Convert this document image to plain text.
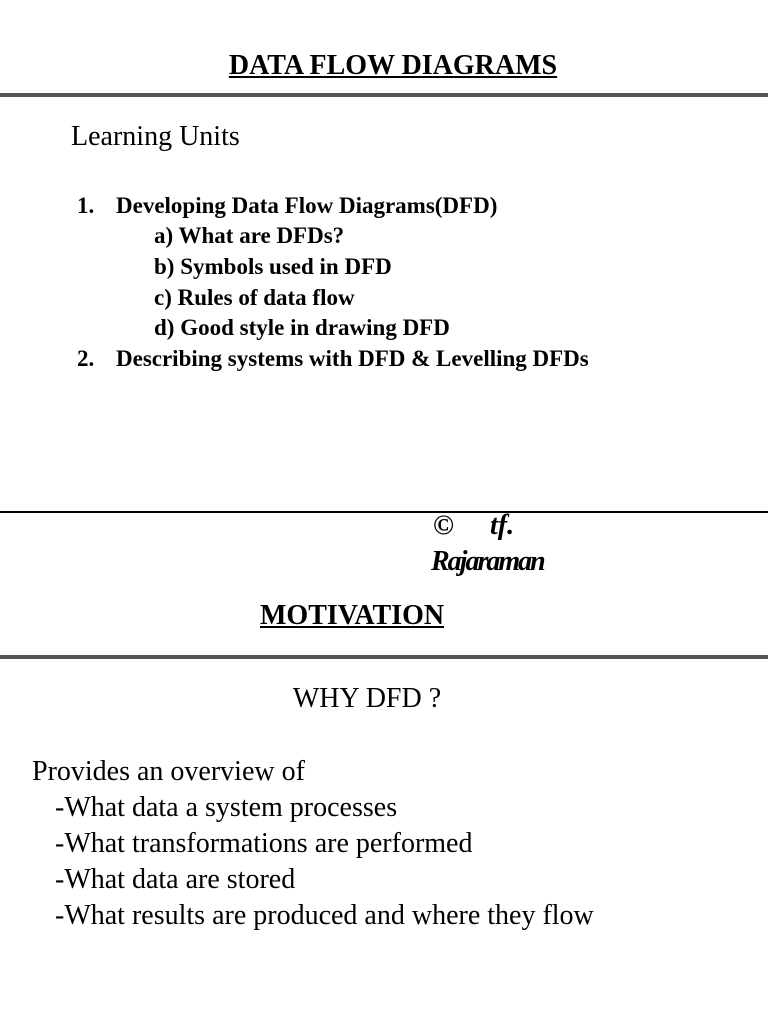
DATA FLOW DIAGRAMS
Learning Units
1. Developing Data Flow Diagrams(DFD)
a) What are DFDs?
b) Symbols used in DFD
c) Rules of data flow
d) Good style in drawing DFD
2. Describing systems with DFD & Levelling DFDs
© tf.
Rajaraman
MOTIVATION
WHY DFD ?
Provides an overview of
-What data a system processes
-What transformations are performed
-What data are stored
-What results are produced and where they flow
